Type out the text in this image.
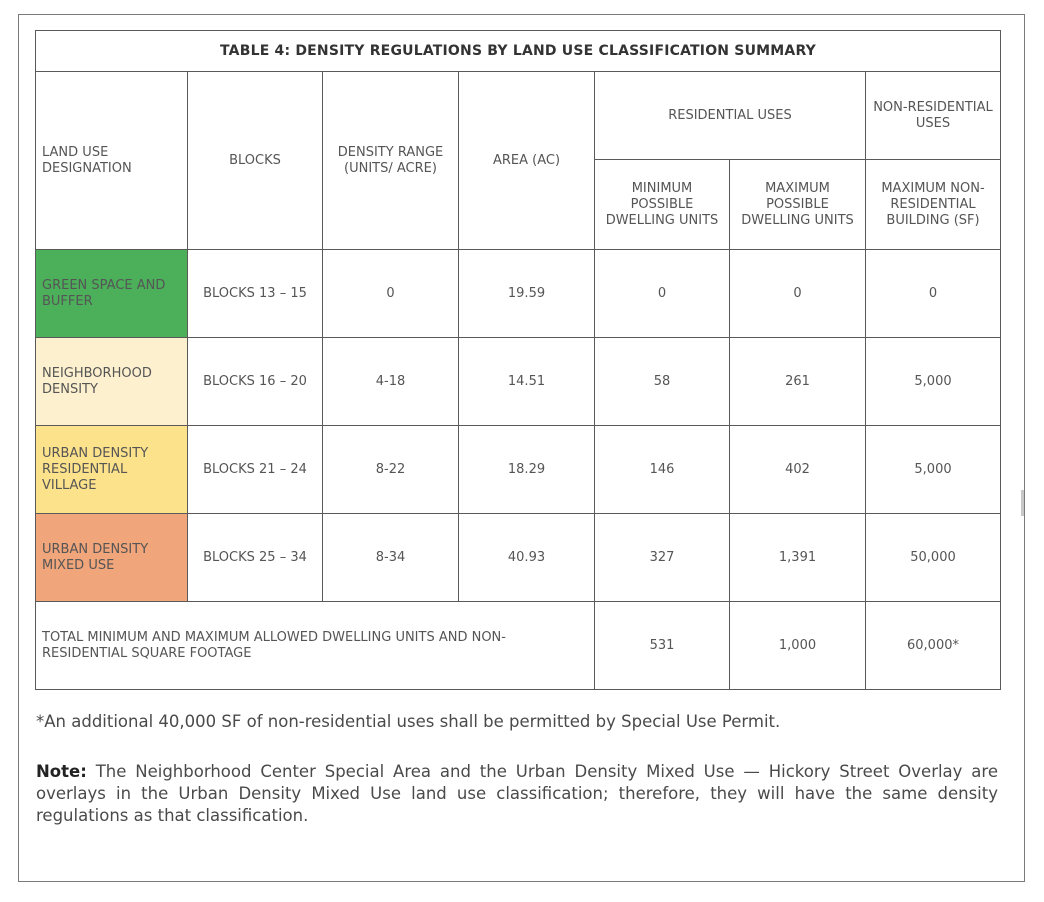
TABLE 4: DENSITY REGULATIONS BY LAND USE CLASSIFICATION SUMMARY						
LAND USE DESIGNATION	BLOCKS	DENSITY RANGE (UNITS/ ACRE)	AREA (AC)	RESIDENTIAL USES		NON-RESIDENTIAL USES
				MINIMUM POSSIBLE DWELLING UNITS	MAXIMUM POSSIBLE DWELLING UNITS	MAXIMUM NON-RESIDENTIAL BUILDING (SF)
GREEN SPACE AND BUFFER	BLOCKS 13 – 15	0	19.59	0	0	0
NEIGHBORHOOD DENSITY	BLOCKS 16 – 20	4-18	14.51	58	261	5,000
URBAN DENSITY RESIDENTIAL VILLAGE	BLOCKS 21 – 24	8-22	18.29	146	402	5,000
URBAN DENSITY MIXED USE	BLOCKS 25 – 34	8-34	40.93	327	1,391	50,000
TOTAL MINIMUM AND MAXIMUM ALLOWED DWELLING UNITS AND NON-RESIDENTIAL SQUARE FOOTAGE				531	1,000	60,000*
*An additional 40,000 SF of non-residential uses shall be permitted by Special Use Permit.
Note: The Neighborhood Center Special Area and the Urban Density Mixed Use — Hickory Street Overlay are overlays in the Urban Density Mixed Use land use classification; therefore, they will have the same density regulations as that classification.
